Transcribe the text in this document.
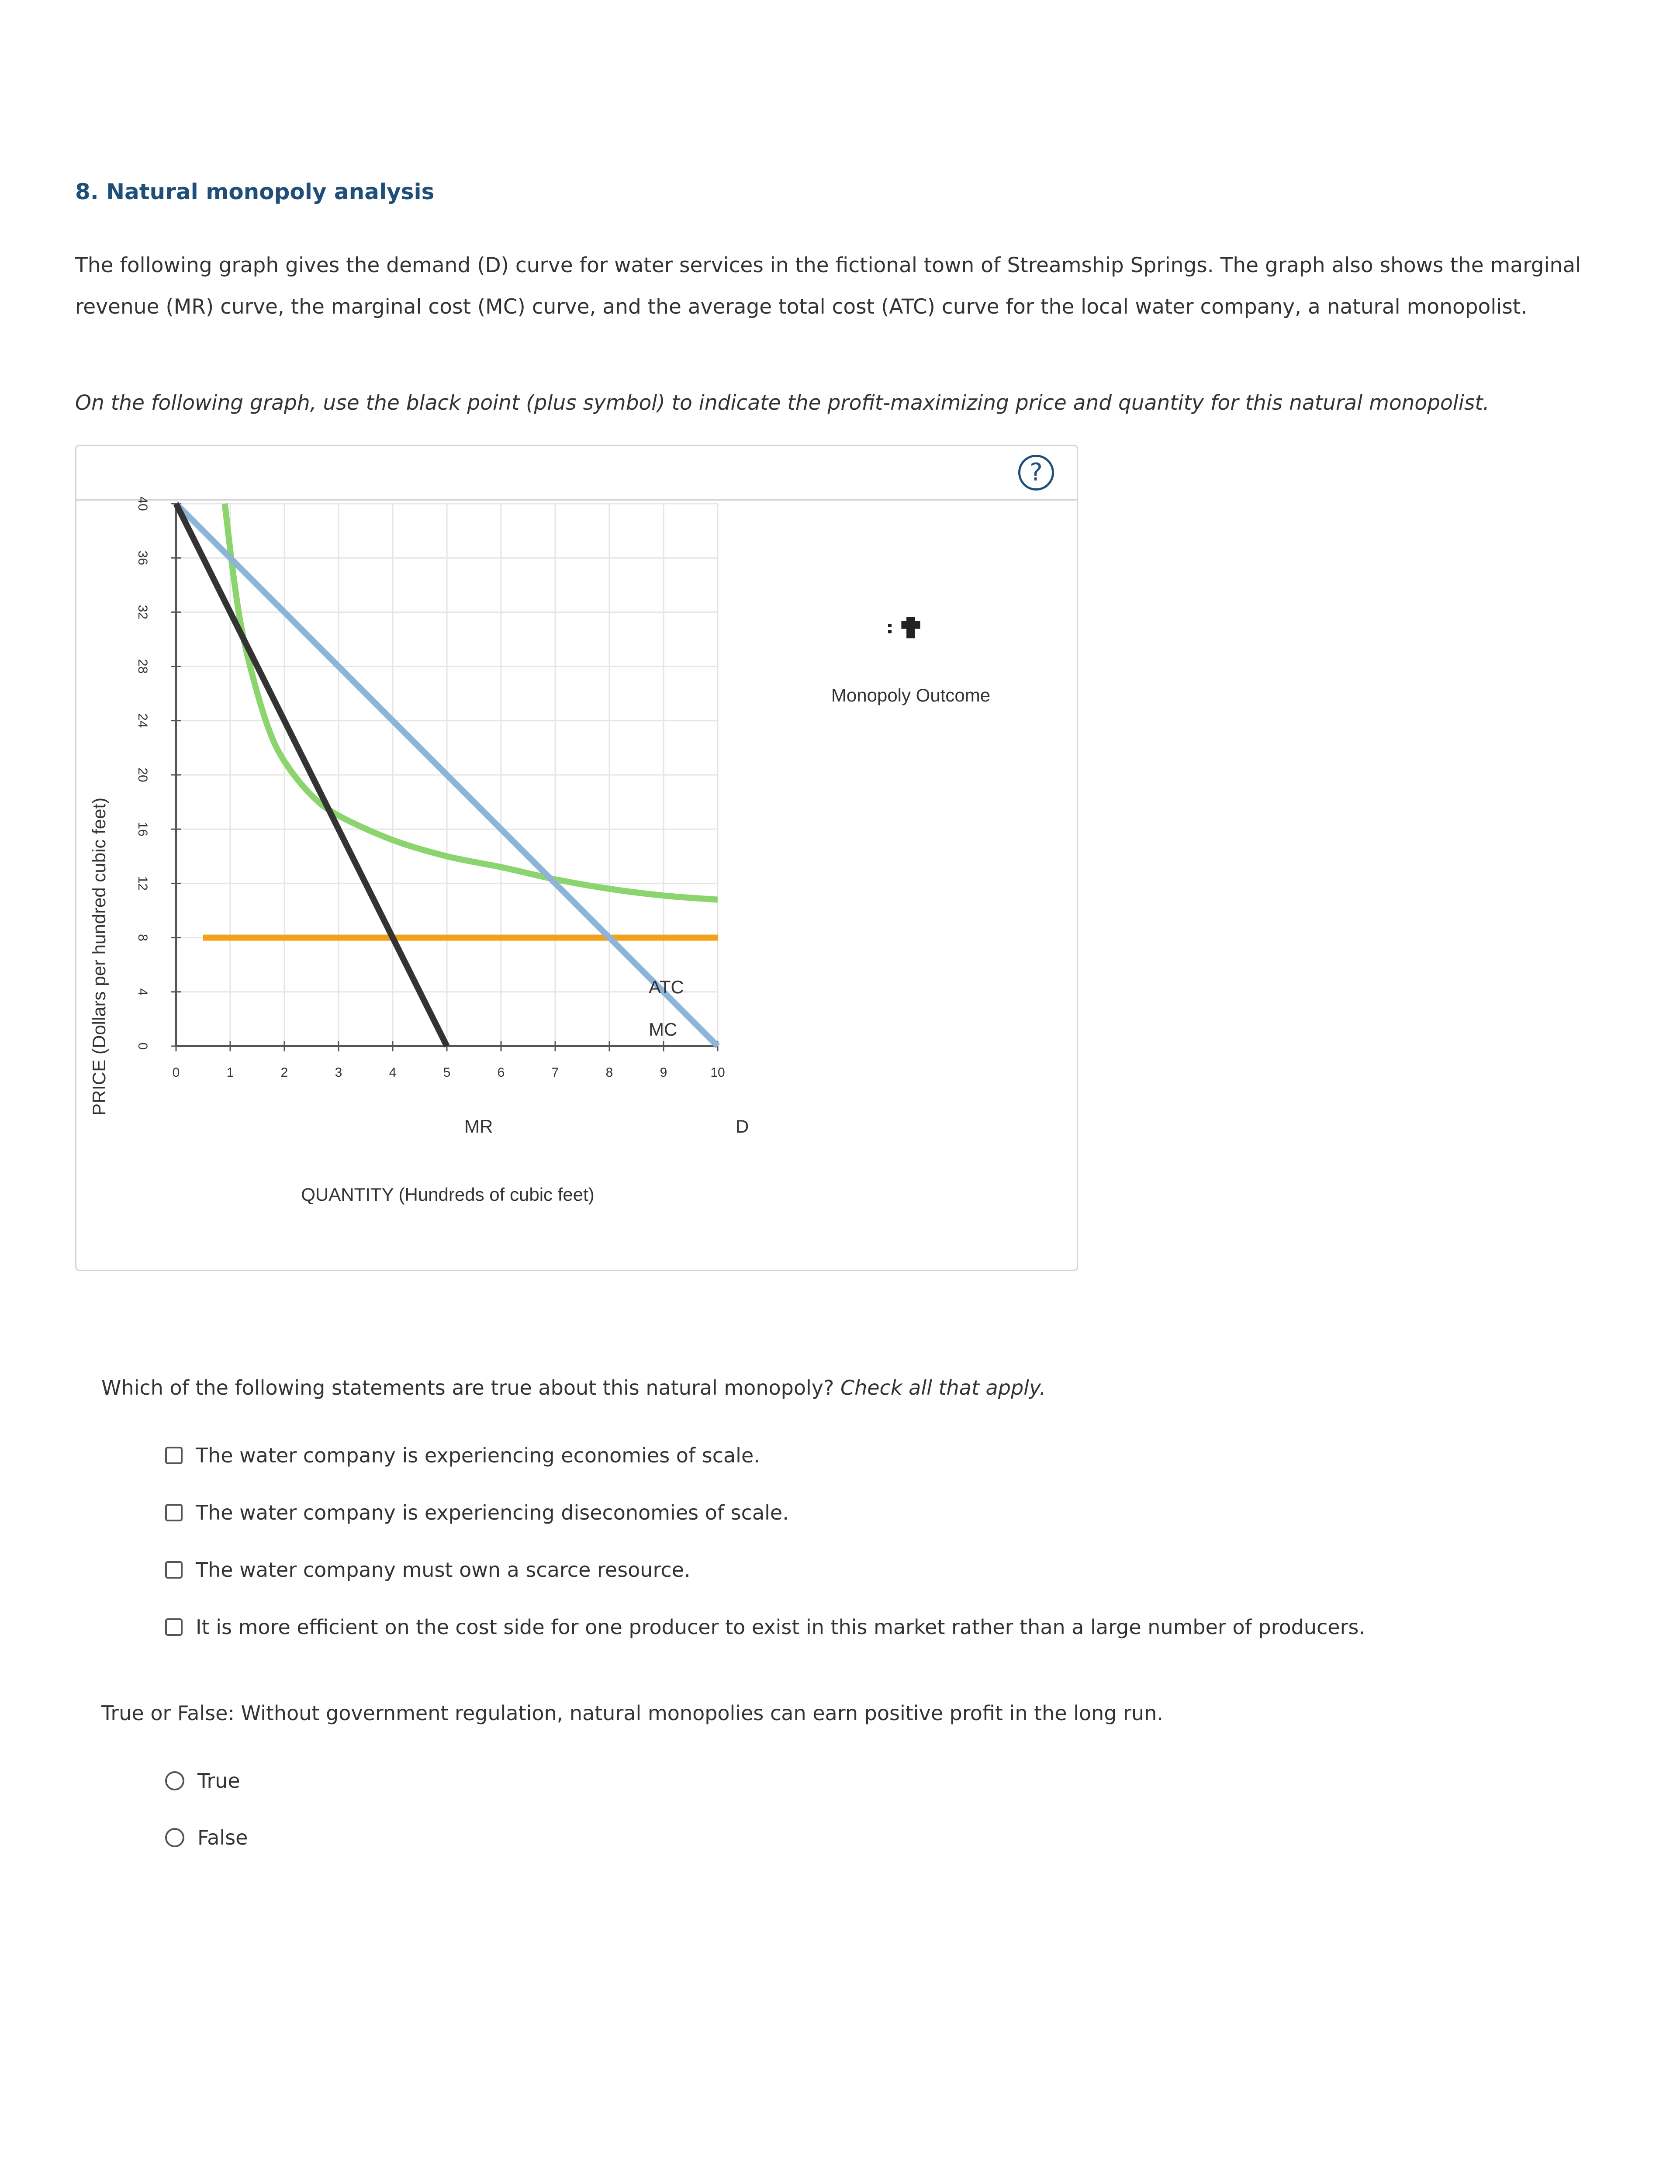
8. Natural monopoly analysis

The following graph gives the demand (D) curve for water services in the fictional town of Streamship Springs. The graph also shows the marginal revenue (MR) curve, the marginal cost (MC) curve, and the average total cost (ATC) curve for the local water company, a natural monopolist.

On the following graph, use the black point (plus symbol) to indicate the profit-maximizing price and quantity for this natural monopolist.

?
0	1	2	3	4	5	6	7	8	9	10
0
4
8
12
16
20
24
28
32
36
40
PRICE (Dollars per hundred cubic feet)
QUANTITY (Hundreds of cubic feet)
ATC
MC
MR	D
Monopoly Outcome

Which of the following statements are true about this natural monopoly? Check all that apply.

The water company is experiencing economies of scale.
The water company is experiencing diseconomies of scale.
The water company must own a scarce resource.
It is more efficient on the cost side for one producer to exist in this market rather than a large number of producers.

True or False: Without government regulation, natural monopolies can earn positive profit in the long run.

True
False
